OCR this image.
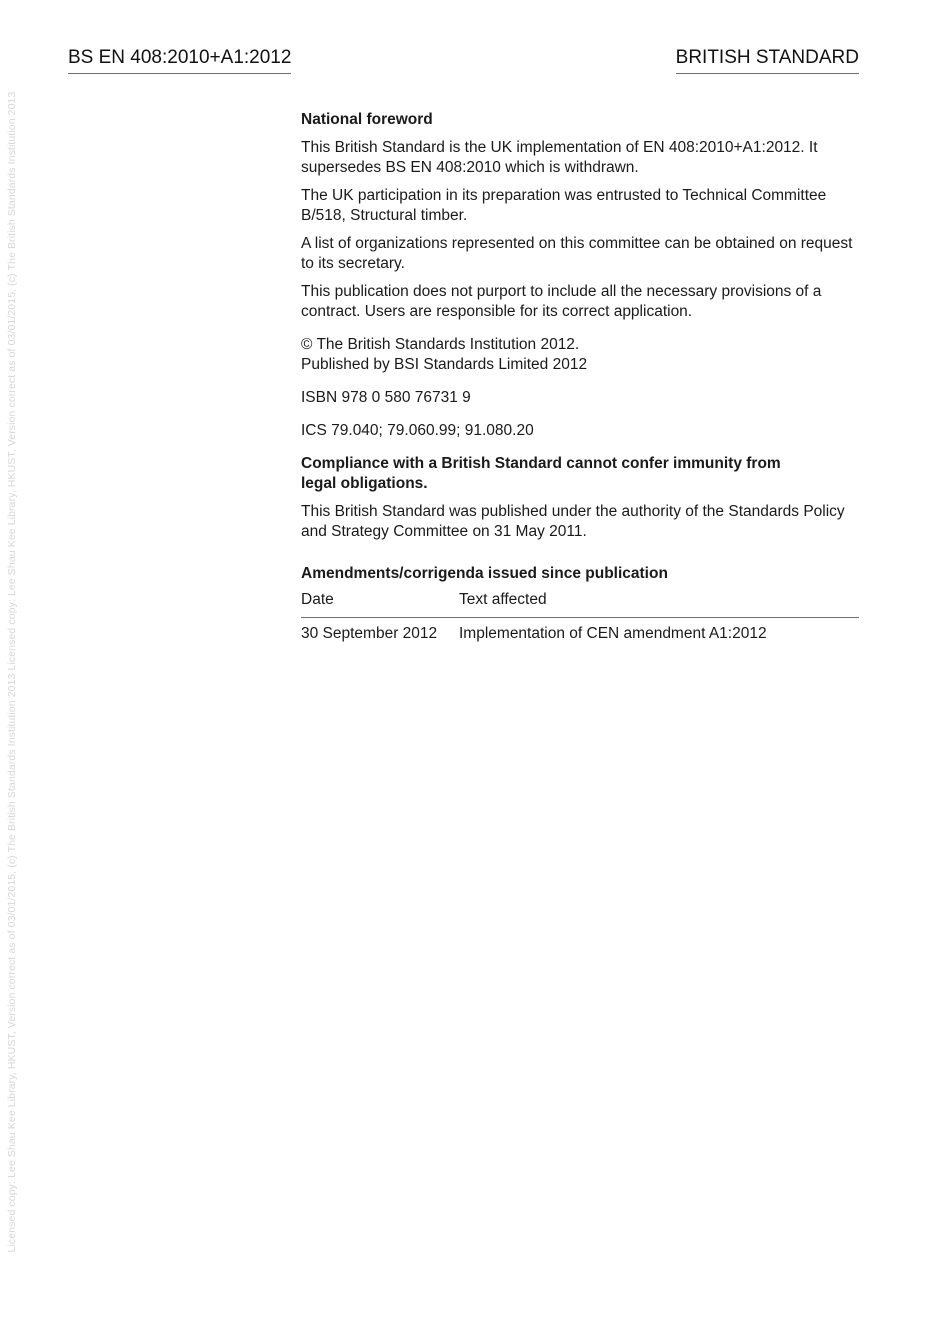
Licensed copy: Lee Shau Kee Library, HKUST, Version correct as of 03/01/2015, (c) The British Standards Institution 2013 Licensed copy: Lee Shau Kee Library, HKUST, Version correct as of 03/01/2015, (c) The British Standards Institution 2013
BS EN 408:2010+A1:2012	BRITISH STANDARD

National foreword

This British Standard is the UK implementation of EN 408:2010+A1:2012. It supersedes BS EN 408:2010 which is withdrawn.

The UK participation in its preparation was entrusted to Technical Committee B/518, Structural timber.

A list of organizations represented on this committee can be obtained on request to its secretary.

This publication does not purport to include all the necessary provisions of a contract. Users are responsible for its correct application.

© The British Standards Institution 2012.

Published by BSI Standards Limited 2012

ISBN 978 0 580 76731 9

ICS 79.040; 79.060.99; 91.080.20

Compliance with a British Standard cannot confer immunity from legal obligations.

This British Standard was published under the authority of the Standards Policy and Strategy Committee on 31 May 2011.

Amendments/corrigenda issued since publication

Date	Text affected
30 September 2012	Implementation of CEN amendment A1:2012
